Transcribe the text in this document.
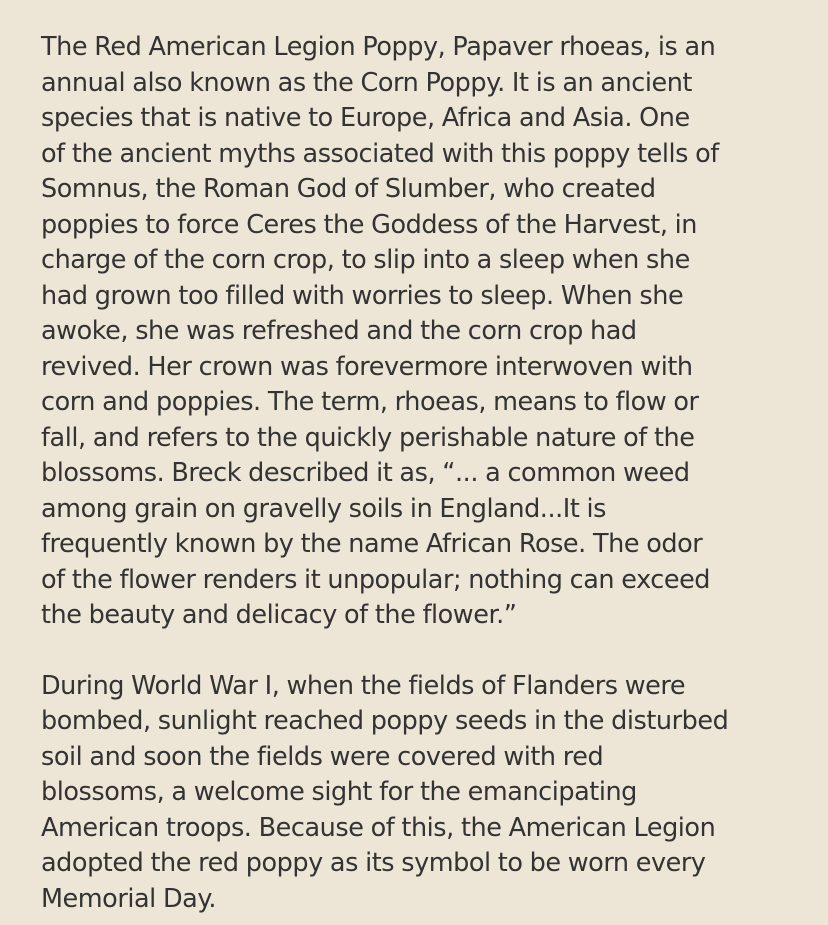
The Red American Legion Poppy, Papaver rhoeas, is an
annual also known as the Corn Poppy. It is an ancient
species that is native to Europe, Africa and Asia. One
of the ancient myths associated with this poppy tells of
Somnus, the Roman God of Slumber, who created
poppies to force Ceres the Goddess of the Harvest, in
charge of the corn crop, to slip into a sleep when she
had grown too filled with worries to sleep. When she
awoke, she was refreshed and the corn crop had
revived. Her crown was forevermore interwoven with
corn and poppies. The term, rhoeas, means to flow or
fall, and refers to the quickly perishable nature of the
blossoms. Breck described it as, “... a common weed
among grain on gravelly soils in England...It is
frequently known by the name African Rose. The odor
of the flower renders it unpopular; nothing can exceed
the beauty and delicacy of the flower.”

During World War I, when the fields of Flanders were
bombed, sunlight reached poppy seeds in the disturbed
soil and soon the fields were covered with red
blossoms, a welcome sight for the emancipating
American troops. Because of this, the American Legion
adopted the red poppy as its symbol to be worn every
Memorial Day.
